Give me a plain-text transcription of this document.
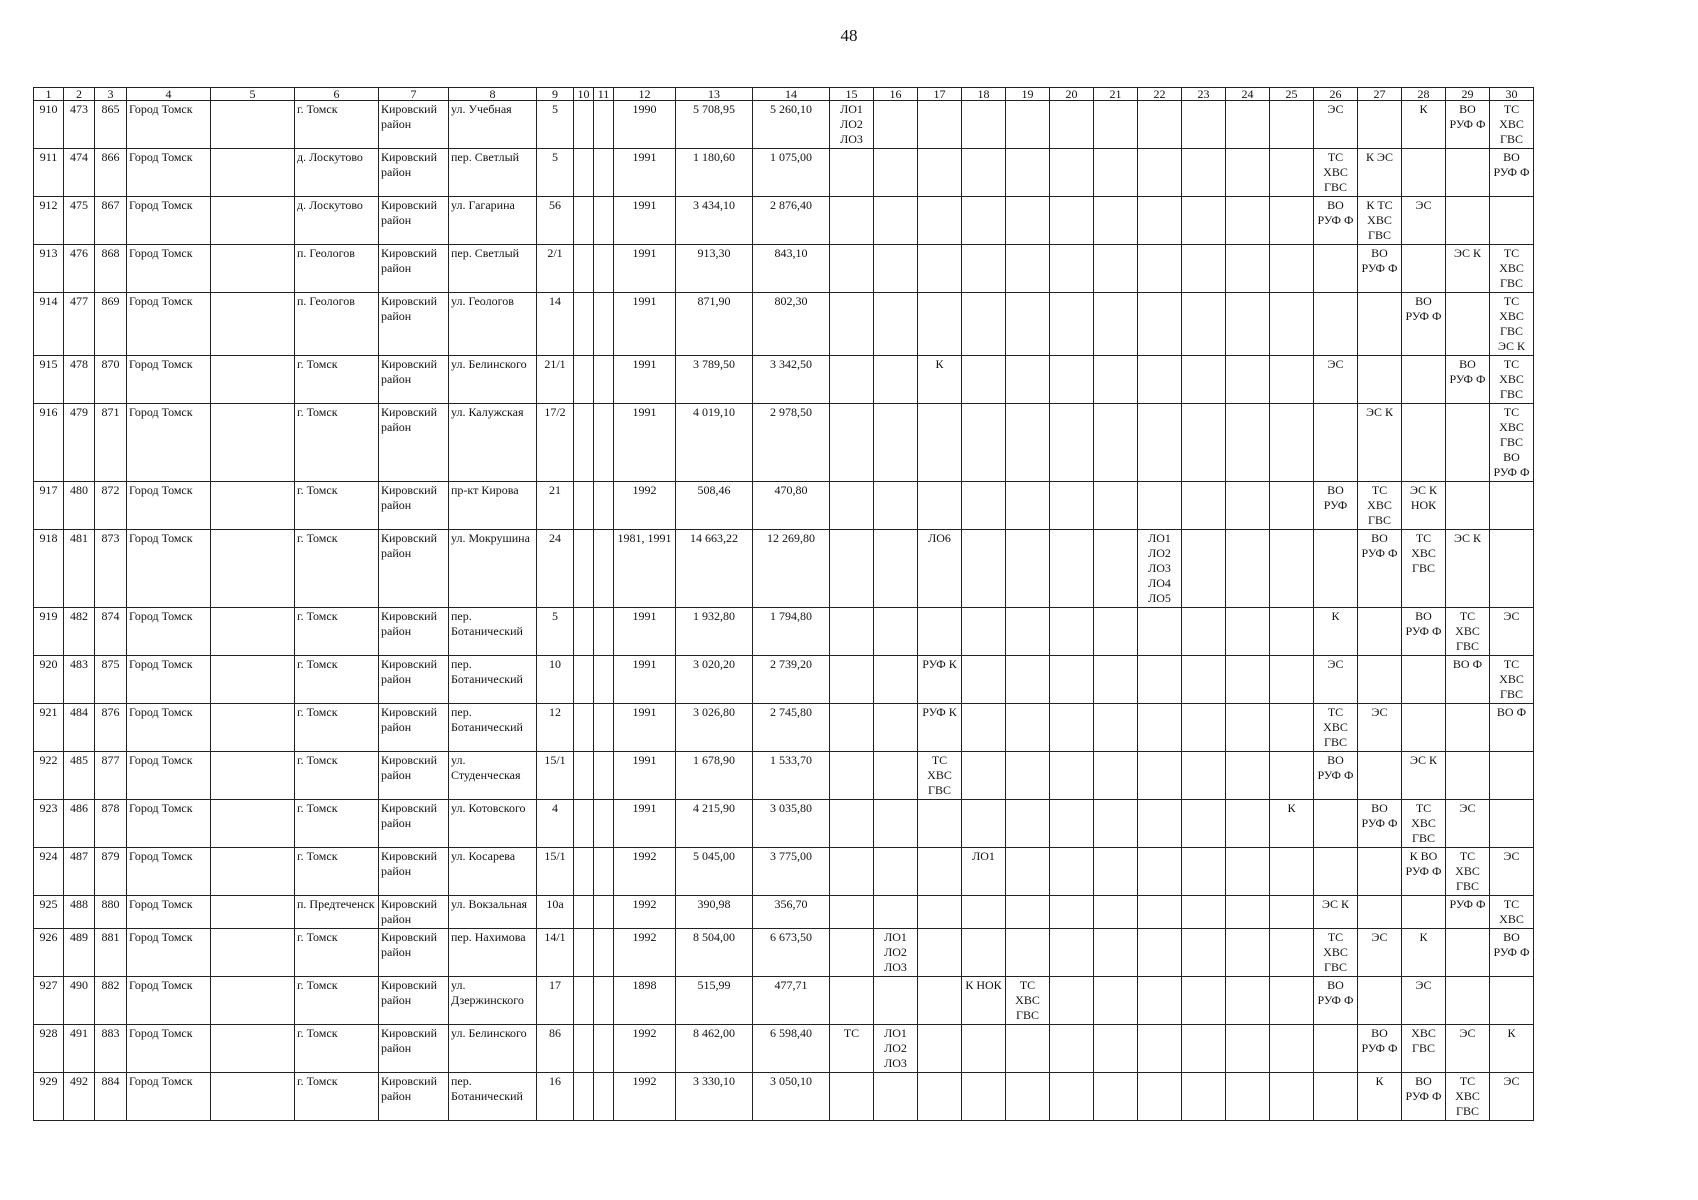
48
1	2	3	4	5	6	7	8	9	10	11	12	13	14	15	16	17	18	19	20	21	22	23	24	25	26	27	28	29	30
910	473	865	Город Томск		г. Томск	Кировский
район	ул. Учебная	5			1990	5 708,95	5 260,10	ЛО1
ЛО2
ЛО3											ЭС		К	ВО
РУФ Ф	ТС
ХВС
ГВС
911	474	866	Город Томск		д. Лоскутово	Кировский
район	пер. Светлый	5			1991	1 180,60	1 075,00												ТС
ХВС
ГВС	К ЭС			ВО
РУФ Ф
912	475	867	Город Томск		д. Лоскутово	Кировский
район	ул. Гагарина	56			1991	3 434,10	2 876,40												ВО
РУФ Ф	К ТС
ХВС
ГВС	ЭС		
913	476	868	Город Томск		п. Геологов	Кировский
район	пер. Светлый	2/1			1991	913,30	843,10													ВО
РУФ Ф		ЭС К	ТС
ХВС
ГВС
914	477	869	Город Томск		п. Геологов	Кировский
район	ул. Геологов	14			1991	871,90	802,30														ВО
РУФ Ф		ТС
ХВС
ГВС
ЭС К
915	478	870	Город Томск		г. Томск	Кировский
район	ул. Белинского	21/1			1991	3 789,50	3 342,50			К									ЭС			ВО
РУФ Ф	ТС
ХВС
ГВС
916	479	871	Город Томск		г. Томск	Кировский
район	ул. Калужская	17/2			1991	4 019,10	2 978,50													ЭС К			ТС
ХВС
ГВС
ВО
РУФ Ф
917	480	872	Город Томск		г. Томск	Кировский
район	пр-кт Кирова	21			1992	508,46	470,80												ВО
РУФ	ТС
ХВС
ГВС	ЭС К
НОК		
918	481	873	Город Томск		г. Томск	Кировский
район	ул. Мокрушина	24			1981, 1991	14 663,22	12 269,80			ЛО6					ЛО1
ЛО2
ЛО3
ЛО4
ЛО5					ВО
РУФ Ф	ТС
ХВС
ГВС	ЭС К	
919	482	874	Город Томск		г. Томск	Кировский
район	пер.
Ботанический	5			1991	1 932,80	1 794,80												К		ВО
РУФ Ф	ТС
ХВС
ГВС	ЭС
920	483	875	Город Томск		г. Томск	Кировский
район	пер.
Ботанический	10			1991	3 020,20	2 739,20			РУФ К									ЭС			ВО Ф	ТС
ХВС
ГВС
921	484	876	Город Томск		г. Томск	Кировский
район	пер.
Ботанический	12			1991	3 026,80	2 745,80			РУФ К									ТС
ХВС
ГВС	ЭС			ВО Ф
922	485	877	Город Томск		г. Томск	Кировский
район	ул.
Студенческая	15/1			1991	1 678,90	1 533,70			ТС
ХВС
ГВС									ВО
РУФ Ф		ЭС К		
923	486	878	Город Томск		г. Томск	Кировский
район	ул. Котовского	4			1991	4 215,90	3 035,80											К		ВО
РУФ Ф	ТС
ХВС
ГВС	ЭС	
924	487	879	Город Томск		г. Томск	Кировский
район	ул. Косарева	15/1			1992	5 045,00	3 775,00				ЛО1										К ВО
РУФ Ф	ТС
ХВС
ГВС	ЭС
925	488	880	Город Томск		п. Предтеченск	Кировский
район	ул. Вокзальная	10а			1992	390,98	356,70												ЭС К			РУФ Ф	ТС
ХВС
926	489	881	Город Томск		г. Томск	Кировский
район	пер. Нахимова	14/1			1992	8 504,00	6 673,50		ЛО1
ЛО2
ЛО3										ТС
ХВС
ГВС	ЭС	К		ВО
РУФ Ф
927	490	882	Город Томск		г. Томск	Кировский
район	ул.
Дзержинского	17			1898	515,99	477,71				К НОК	ТС
ХВС
ГВС							ВО
РУФ Ф		ЭС		
928	491	883	Город Томск		г. Томск	Кировский
район	ул. Белинского	86			1992	8 462,00	6 598,40	ТС	ЛО1
ЛО2
ЛО3											ВО
РУФ Ф	ХВС
ГВС	ЭС	К
929	492	884	Город Томск		г. Томск	Кировский
район	пер.
Ботанический	16			1992	3 330,10	3 050,10													К	ВО
РУФ Ф	ТС
ХВС
ГВС	ЭС
